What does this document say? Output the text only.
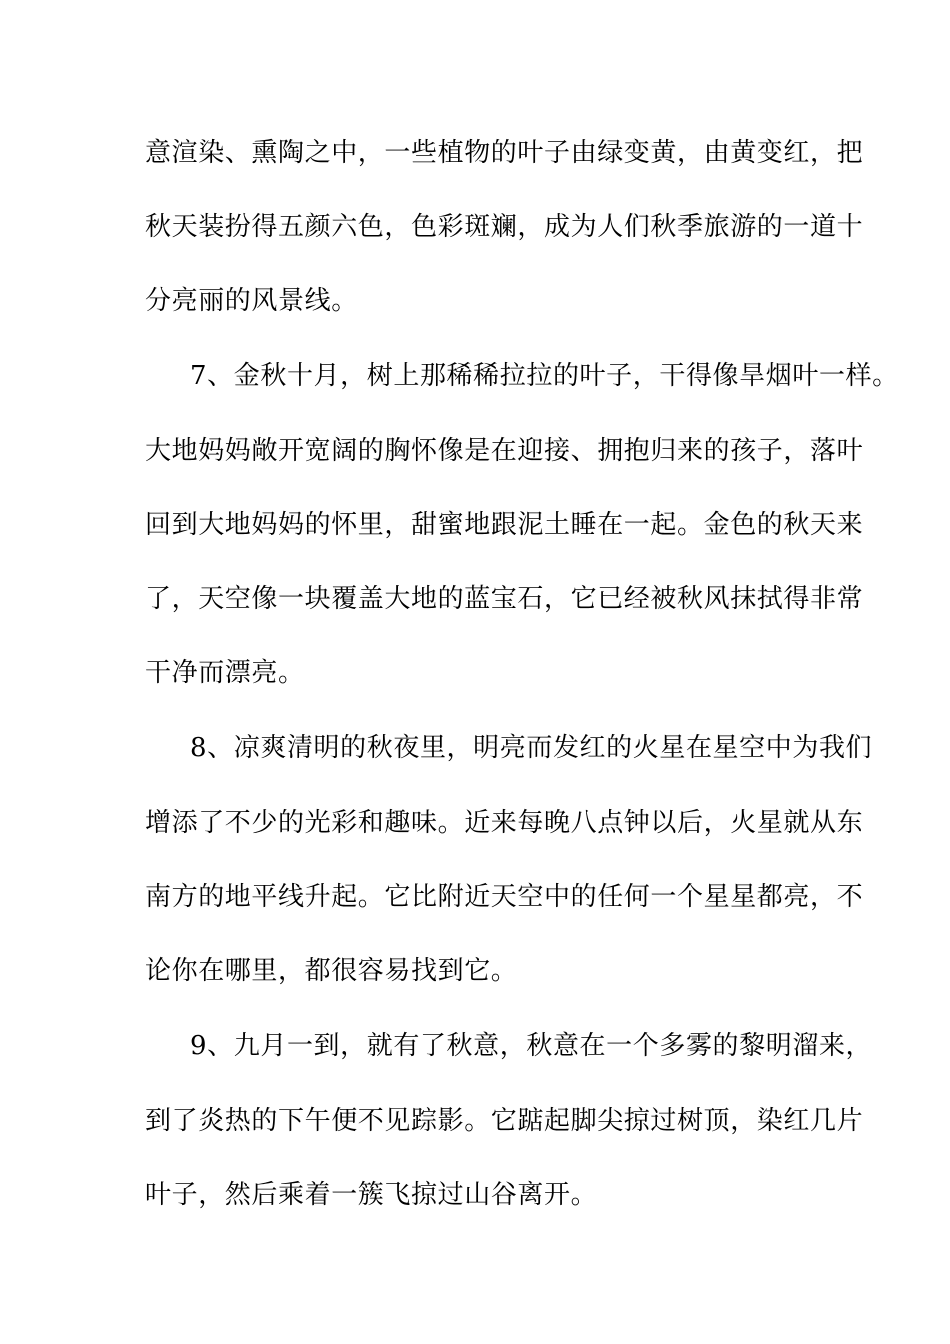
意渲染、熏陶之中，一些植物的叶子由绿变黄，由黄变红，把
秋天装扮得五颜六色，色彩斑斓，成为人们秋季旅游的一道十
分亮丽的风景线。
7、金秋十月，树上那稀稀拉拉的叶子，干得像旱烟叶一样。
大地妈妈敞开宽阔的胸怀像是在迎接、拥抱归来的孩子，落叶
回到大地妈妈的怀里，甜蜜地跟泥土睡在一起。金色的秋天来
了，天空像一块覆盖大地的蓝宝石，它已经被秋风抹拭得非常
干净而漂亮。
8、凉爽清明的秋夜里，明亮而发红的火星在星空中为我们
增添了不少的光彩和趣味。近来每晚八点钟以后，火星就从东
南方的地平线升起。它比附近天空中的任何一个星星都亮，不
论你在哪里，都很容易找到它。
9、九月一到，就有了秋意，秋意在一个多雾的黎明溜来，
到了炎热的下午便不见踪影。它踮起脚尖掠过树顶，染红几片
叶子，然后乘着一簇飞掠过山谷离开。
